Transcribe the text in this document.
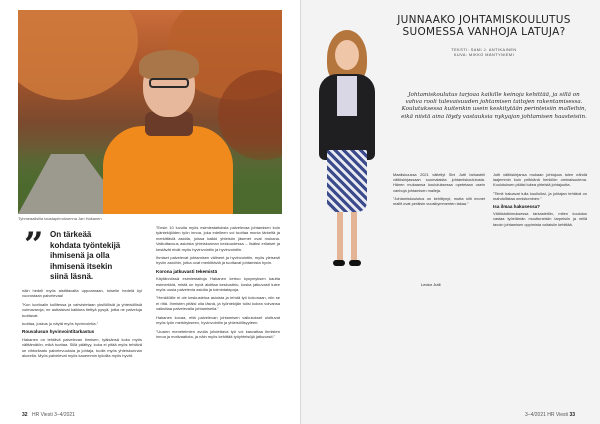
Tyhmeaalisilla taustapiirroksenna Jari Hakanen
” On tärkeää kohdata työntekijä ihmisenä ja olla ihmisenä itsekin siinä läsnä.

näin hedeli myös aistittavalta uppoamaan, toiselle hedelä kyl vuorostaan palvelevaa!

”Kun luottoalin kollitessa ja vahvistetaan yksilöllisiä ja yhteisöllisiä voimavaroja, ne auttaisivat kaikkea tiettyä pysyä, jotka ne palveluja tuottavat.

tuottaa, joskus jo näytä myös hyvinvointia.”

Rouvalusun hyvinvointitarkastus

Hakanen on tehtävä palvelevan ihmisen, tyäisänsä koko myös välttämätön, mikä tuottaa. Sillä päättyy, kuka ei pitää myös tehtävä se vihtorilaatu palvelevuuksia ja johtaja, tuolle myös yhteiskunnan alueella. Myös palvelevat myös kauemmin työoilla myös hyvät.

”Ensin 10 luvulla myös esimiestaitoksia palvelevaa johtamisen kuin tyäntekijöiden työn innoa, joka edelleen voi tuottaa monia tärkeitä ja merkittäviä asioita, joissa kaikki yhteisön jäsenet ovat mukana. Vaikuttavuus asioista yhteiskunnan keskuudessa – lisäksi erilaiset ja kestävät eivät myös hyvinvointiin ja hyvinvointiin.

Ihmiset palvelevat johtamisen välineet ja hyvinvointiin, myös yleisesti hyviin asioihin, jotka ovat merkittäviä ja tuottavat johtamista hyvin.

Korona jatkuvasti tekemistä

Käytännössä esimiestaitoja Hakanen kertoo kysymyksen kautta esimerkkiä, mistä on hyvä aloittaa keskustelu, koska jatkuvasti tulee myös uusia palvelevia asioita ja toimintatapoja.

”Henkilöille ei ole keskustelua asioista ja tehdä työ kokonaan, niin se ei riitä. Ihmisten pitäisi olla läsnä, ja työntekijän tulisi kokea voivansa vaikuttaa palvelevalla johtamisella.”

Hakanen kuvaa, että palvelevan johtamisen vaikutukset ulottuvat myös työn merkitykseen, hyvinvointiin ja yhteisöllisyyteen.

”Uusien menetelmien avulla johdettava työ voi kasvattaa ihmisten innoa ja motivaatiota, ja näin myös kehittää työyhteisöjä jatkuvasti.”

32 HR Viesti 3–4/2021
JUNNAAKO JOHTAMISKOULUTUS SUOMESSA VANHOJA LATUJA?
TEKSTI: SAMI J. ANTIKAINEN
KUVA: MIKKO MÄNTYNIEMI
Johtamiskoulutus tarjoaa kaikille keinoja kehittää, ja sillä on vahva rooli tulevaisuuden johtamisen taitojen rakentamisessa. Koulutuksessa kuitenkin usein keskitytään perinteisiin malleihin, eikä niistä aina löydy vastauksia nykyajan johtamisen haasteisiin.

Maaliskuussa 2021 väitellyt Sini Jutti tarkasteli väitöskirjassaan suomalaista johtamiskoulutusta. Hänen mukaansa koulutuksessa opetetaan usein vanhoja johtamisen malleja.

”Johtamiskoulutus on kehittynyt, mutta silti monet mallit ovat peräisin vuosikymmenten takaa.”

Lector Jutti

Jutti väitöskirjansa mukaan johtajuus tulee nähdä laajemmin kuin pelkkänä henkilön ominaisuutena. Koulutuksen pitäisi tukea yhteistä johtajuutta.

”Tiimit haluavat tulla kuulluiksi, ja johtajan tehtävä on mahdollistaa onnistuminen.”

Isa ilmaa hakusessa?

Väitöstutkimuksessa tarkasteltiin, miten koulutus vastaa työelämän muuttuneisiin tarpeisiin ja millä tavoin johtamisen oppimista voitaisiin kehittää.

3–4/2021 HR Viesti 33
